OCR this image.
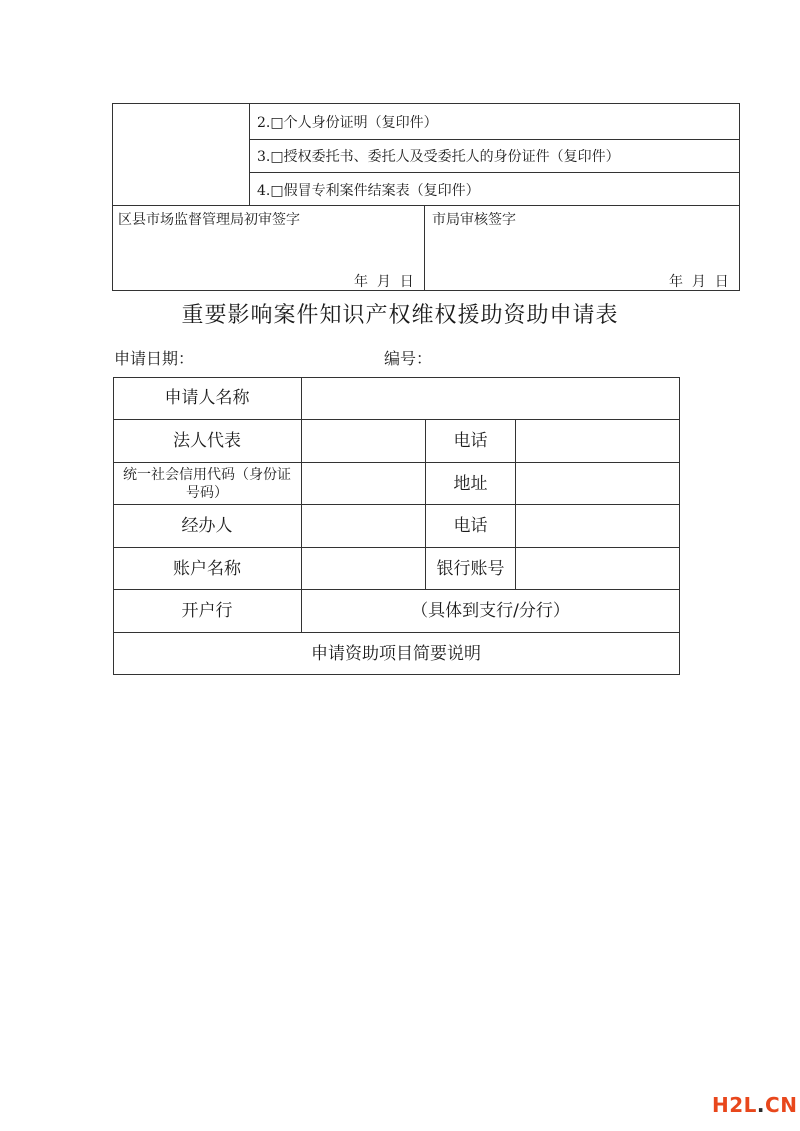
2.□个人身份证明（复印件）
3.□授权委托书、委托人及受委托人的身份证件（复印件）
4.□假冒专利案件结案表（复印件）
区县市场监督管理局初审签字	市局审核签字
年  月  日	年  月  日
重要影响案件知识产权维权援助资助申请表
申请日期：	编号：
申请人名称
法人代表	电话
统一社会信用代码（身份证号码）	地址
经办人	电话
账户名称	银行账号
开户行	（具体到支行/分行）
申请资助项目简要说明
H2L.CN
